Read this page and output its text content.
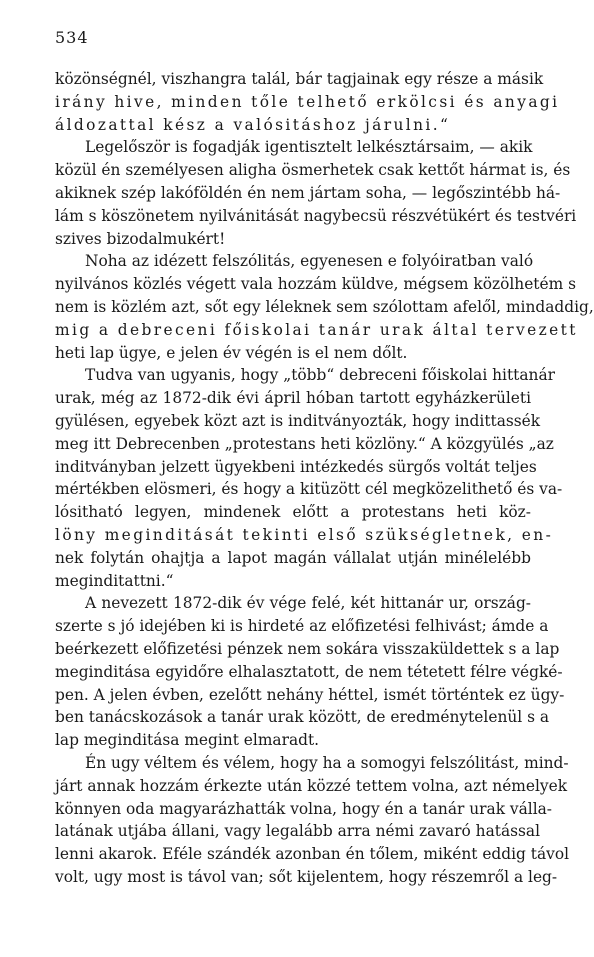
534
közönségnél, viszhangra talál, bár tagjainak egy része a másik
irány hive, minden tőle telhető erkölcsi és anyagi
áldozattal kész a valósitáshoz járulni.“
Legelőször is fogadják igentisztelt lelkésztársaim, — akik
közül én személyesen aligha ösmerhetek csak kettőt hármat is, és
akiknek szép lakóföldén én nem jártam soha, — legőszintébb há-
lám s köszönetem nyilvánitását nagybecsü részvétükért és testvéri
szives bizodalmukért!
Noha az idézett felszólitás, egyenesen e folyóiratban való
nyilvános közlés végett vala hozzám küldve, mégsem közölhetém s
nem is közlém azt, sőt egy léleknek sem szólottam afelől, mindaddig,
mig a debreceni főiskolai tanár urak által tervezett
heti lap ügye, e jelen év végén is el nem dőlt.
Tudva van ugyanis, hogy „több“ debreceni főiskolai hittanár
urak, még az 1872-dik évi ápril hóban tartott egyházkerületi
gyülésen, egyebek közt azt is inditványozták, hogy indittassék
meg itt Debrecenben „protestans heti közlöny.“ A közgyülés „az
inditványban jelzett ügyekbeni intézkedés sürgős voltát teljes
mértékben elösmeri, és hogy a kitüzött cél megközelithető és va-
lósitható legyen, mindenek előtt a protestans heti köz-
löny meginditását tekinti első szükségletnek, en-
nek folytán ohajtja a lapot magán vállalat utján minélelébb
meginditattni.“
A nevezett 1872-dik év vége felé, két hittanár ur, ország-
szerte s jó idejében ki is hirdeté az előfizetési felhivást; ámde a
beérkezett előfizetési pénzek nem sokára visszaküldettek s a lap
meginditása egyidőre elhalasztatott, de nem tétetett félre végké-
pen. A jelen évben, ezelőtt nehány héttel, ismét történtek ez ügy-
ben tanácskozások a tanár urak között, de eredménytelenül s a
lap meginditása megint elmaradt.
Én ugy véltem és vélem, hogy ha a somogyi felszólitást, mind-
járt annak hozzám érkezte után közzé tettem volna, azt némelyek
könnyen oda magyarázhatták volna, hogy én a tanár urak válla-
latának utjába állani, vagy legalább arra némi zavaró hatással
lenni akarok. Eféle szándék azonban én tőlem, miként eddig távol
volt, ugy most is távol van; sőt kijelentem, hogy részemről a leg-
